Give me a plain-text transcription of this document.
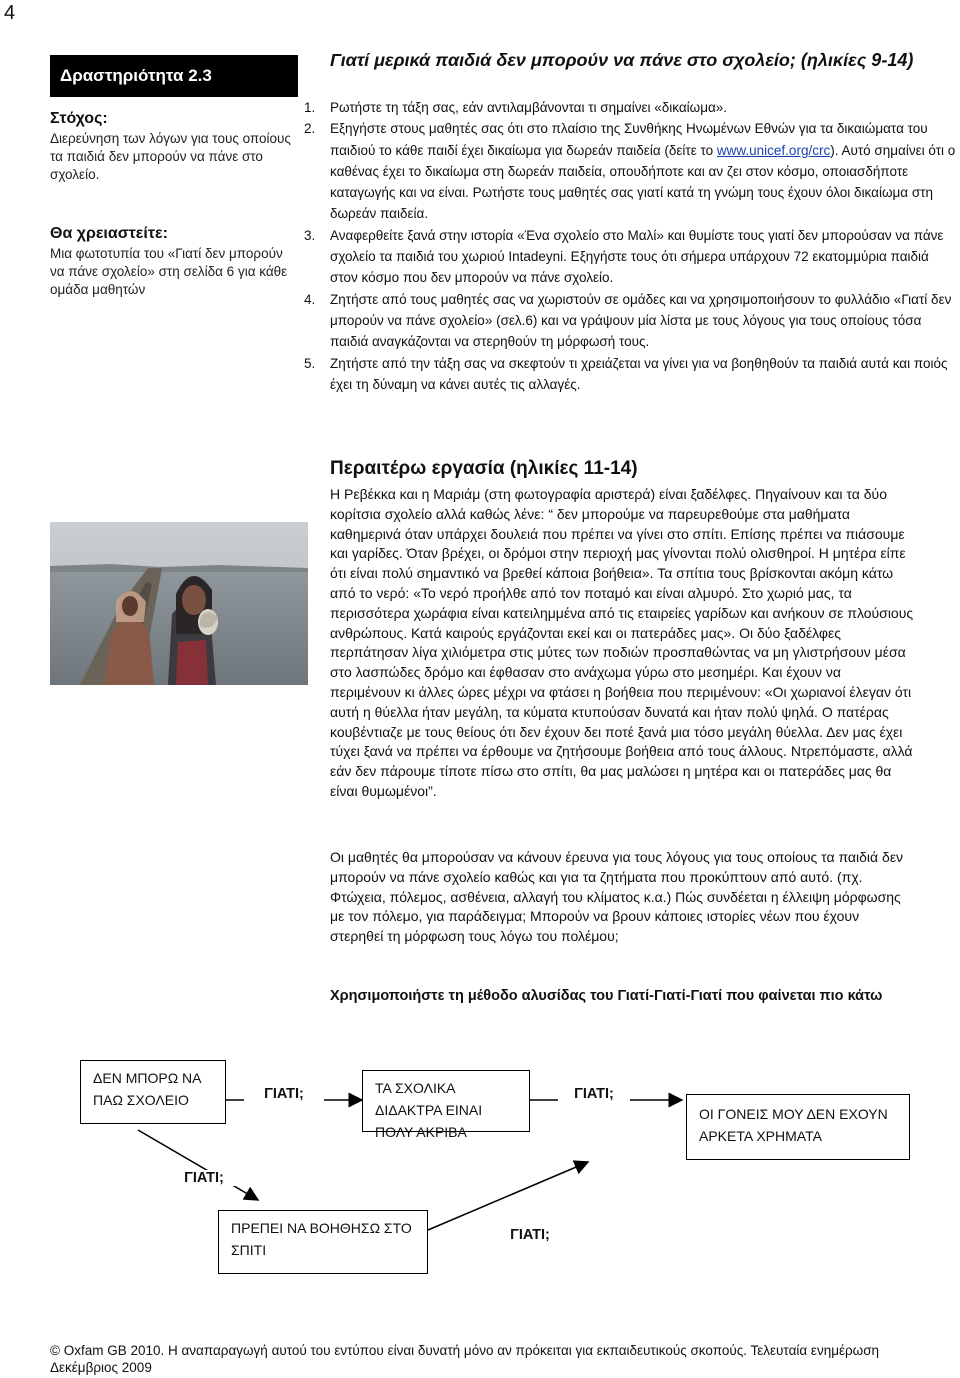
4
Δραστηριότητα 2.3
Στόχος:

Διερεύνηση των λόγων για τους οποίους τα παιδιά δεν μπορούν να πάνε στο σχολείο.

Θα χρειαστείτε:

Μια φωτοτυπία του «Γιατί δεν μπορούν να πάνε σχολείο» στη σελίδα 6 για κάθε ομάδα μαθητών

Γιατί μερικά παιδιά δεν μπορούν να πάνε στο σχολείο; (ηλικίες 9-14)
1.	Ρωτήστε τη τάξη σας, εάν αντιλαμβάνονται τι σημαίνει «δικαίωμα».
2.	Εξηγήστε στους μαθητές σας ότι στο πλαίσιο της Συνθήκης Ηνωμένων Εθνών για τα δικαιώματα του παιδιού το κάθε παιδί έχει δικαίωμα για δωρεάν παιδεία (δείτε το www.unicef.org/crc). Αυτό σημαίνει ότι ο καθένας έχει το δικαίωμα στη δωρεάν παιδεία, οπουδήποτε και αν ζει στον κόσμο, οποιασδήποτε καταγωγής και να είναι. Ρωτήστε τους μαθητές σας γιατί κατά τη γνώμη τους έχουν όλοι δικαίωμα στη δωρεάν παιδεία.
3.	Αναφερθείτε ξανά στην ιστορία «Ένα σχολείο στο Μαλί» και θυμίστε τους γιατί δεν μπορούσαν να πάνε σχολείο τα παιδιά του χωριού Intadeyni. Εξηγήστε τους ότι σήμερα υπάρχουν 72 εκατομμύρια παιδιά στον κόσμο που δεν μπορούν να πάνε σχολείο.
4.	Ζητήστε από τους μαθητές σας να χωριστούν σε ομάδες και να χρησιμοποιήσουν το φυλλάδιο «Γιατί δεν μπορούν να πάνε σχολείο» (σελ.6) και να γράψουν μία λίστα με τους λόγους για τους οποίους τόσα παιδιά αναγκάζονται να στερηθούν τη μόρφωσή τους.
5.	Ζητήστε από την τάξη σας να σκεφτούν τι χρειάζεται να γίνει για να βοηθηθούν τα παιδιά αυτά και ποιός έχει τη δύναμη να κάνει αυτές τις αλλαγές.
Περαιτέρω εργασία (ηλικίες 11-14)
Η Ρεβέκκα και η Μαριάμ (στη φωτογραφία αριστερά) είναι ξαδέλφες. Πηγαίνουν και τα δύο κορίτσια σχολείο αλλά καθώς λένε: “ δεν μπορούμε να παρευρεθούμε στα μαθήματα καθημερινά όταν υπάρχει δουλειά που πρέπει να γίνει στο σπίτι. Επίσης πρέπει να πιάσουμε και γαρίδες. Όταν βρέχει, οι δρόμοι στην περιοχή μας γίνονται πολύ ολισθηροί. Η μητέρα είπε ότι είναι πολύ σημαντικό να βρεθεί κάποια βοήθεια». Τα σπίτια τους βρίσκονται ακόμη κάτω από το νερό: «Το νερό προήλθε από τον ποταμό και είναι αλμυρό. Στο χωριό μας, τα περισσότερα χωράφια είναι κατειλημμένα από τις εταιρείες γαρίδων και ανήκουν σε πλούσιους ανθρώπους. Κατά καιρούς εργάζονται εκεί και οι πατεράδες μας». Οι δύο ξαδέλφες περπάτησαν λίγα χιλιόμετρα στις μύτες των ποδιών προσπαθώντας να μη γλιστρήσουν μέσα στο λασπώδες δρόμο και έφθασαν στο ανάχωμα γύρω στο μεσημέρι. Και έχουν να περιμένουν κι άλλες ώρες μέχρι να φτάσει η βοήθεια που περιμένουν: «Οι χωριανοί έλεγαν ότι αυτή η θύελλα ήταν μεγάλη, τα κύματα κτυπούσαν δυνατά και ήταν πολύ ψηλά. Ο πατέρας κουβέντιαζε με τους θείους ότι δεν έχουν δει ποτέ ξανά μια τόσο μεγάλη θύελλα. Δεν μας έχει τύχει ξανά να πρέπει να έρθουμε να ζητήσουμε βοήθεια από τους άλλους. Ντρεπόμαστε, αλλά εάν δεν πάρουμε τίποτε πίσω στο σπίτι, θα μας μαλώσει η μητέρα και οι πατεράδες μας θα είναι θυμωμένοι”.
Οι μαθητές θα μπορούσαν να κάνουν έρευνα για τους λόγους για τους οποίους τα παιδιά δεν μπορούν να πάνε σχολείο καθώς και για τα ζητήματα που προκύπτουν από αυτό. (πχ. Φτώχεια, πόλεμος, ασθένεια, αλλαγή του κλίματος κ.α.) Πώς συνδέεται η έλλειψη μόρφωσης με τον πόλεμο, για παράδειγμα; Μπορούν να βρουν κάποιες ιστορίες νέων που έχουν στερηθεί τη μόρφωση τους λόγω του πολέμου;
Χρησιμοποιήστε τη μέθοδο αλυσίδας του Γιατί-Γιατί-Γιατί που φαίνεται πιο κάτω
ΔΕΝ ΜΠΟΡΩ ΝΑ ΠΑΩ ΣΧΟΛΕΙΟ
ΤΑ ΣΧΟΛΙΚΑ ΔΙΔΑΚΤΡΑ ΕΙΝΑΙ ΠΟΛΥ ΑΚΡΙΒΑ
ΟΙ ΓΟΝΕΙΣ ΜΟΥ ΔΕΝ ΕΧΟΥΝ ΑΡΚΕΤΑ ΧΡΗΜΑΤΑ
ΠΡΕΠΕΙ ΝΑ ΒΟΗΘΗΣΩ ΣΤΟ ΣΠΙΤΙ
ΓΙΑΤΙ;	ΓΙΑΤΙ;
ΓΙΑΤΙ;
ΓΙΑΤΙ;
© Oxfam GB 2010. Η αναπαραγωγή αυτού του εντύπου είναι δυνατή μόνο αν πρόκειται για εκπαιδευτικούς σκοπούς. Τελευταία ενημέρωση Δεκέμβριος 2009
